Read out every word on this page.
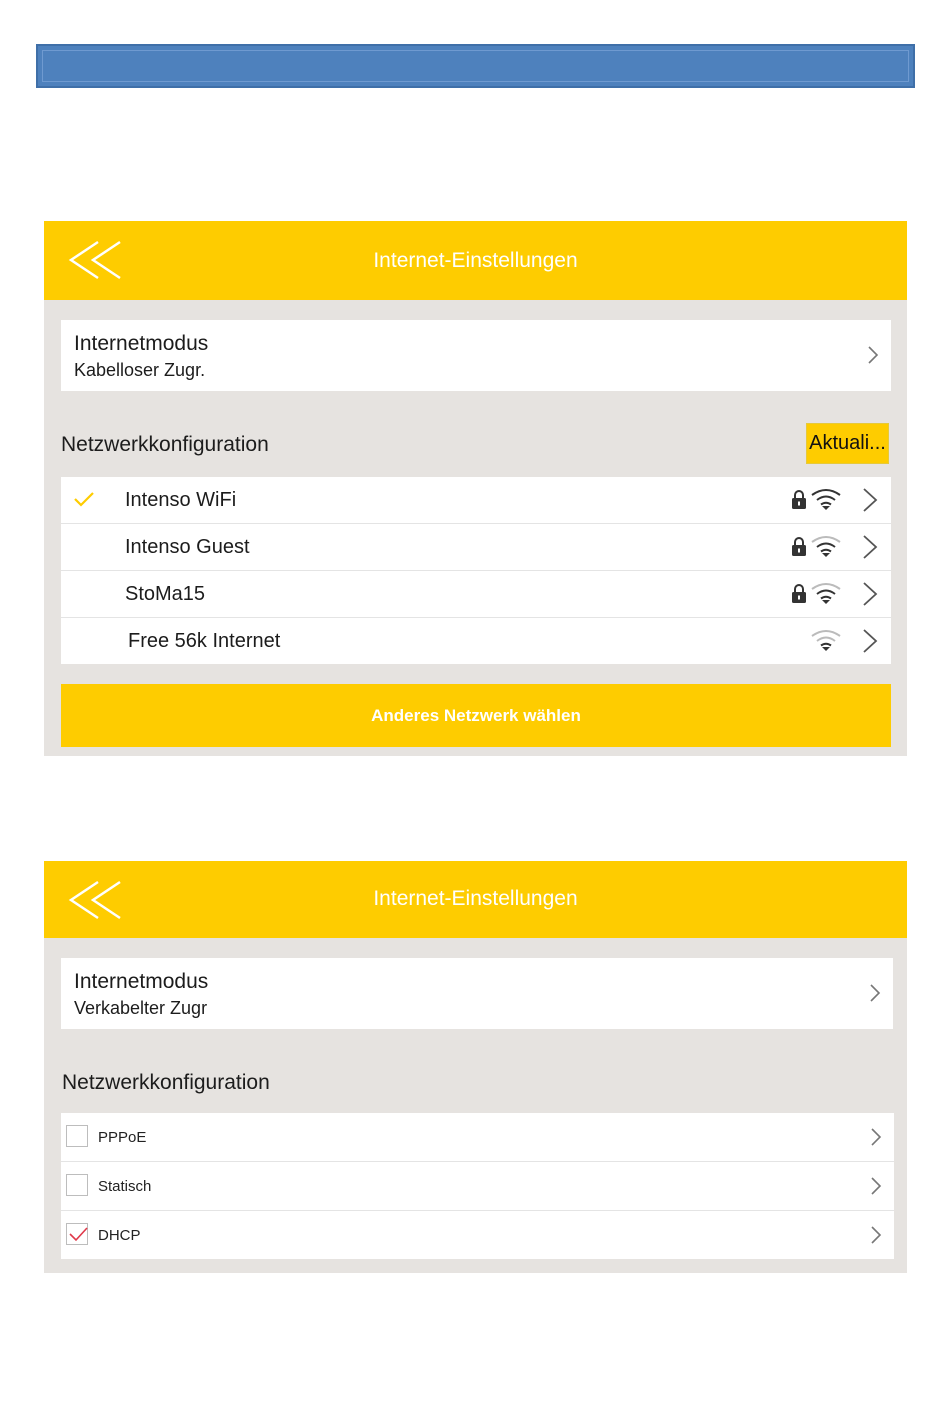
Internet-Einstellungen
Internetmodus
Kabelloser Zugr.
Netzwerkkonfiguration	Aktuali...
Intenso WiFi
Intenso Guest
StoMa15
Free 56k Internet
Anderes Netzwerk wählen
Internet-Einstellungen
Internetmodus
Verkabelter Zugr
Netzwerkkonfiguration
PPPoE
Statisch
DHCP
